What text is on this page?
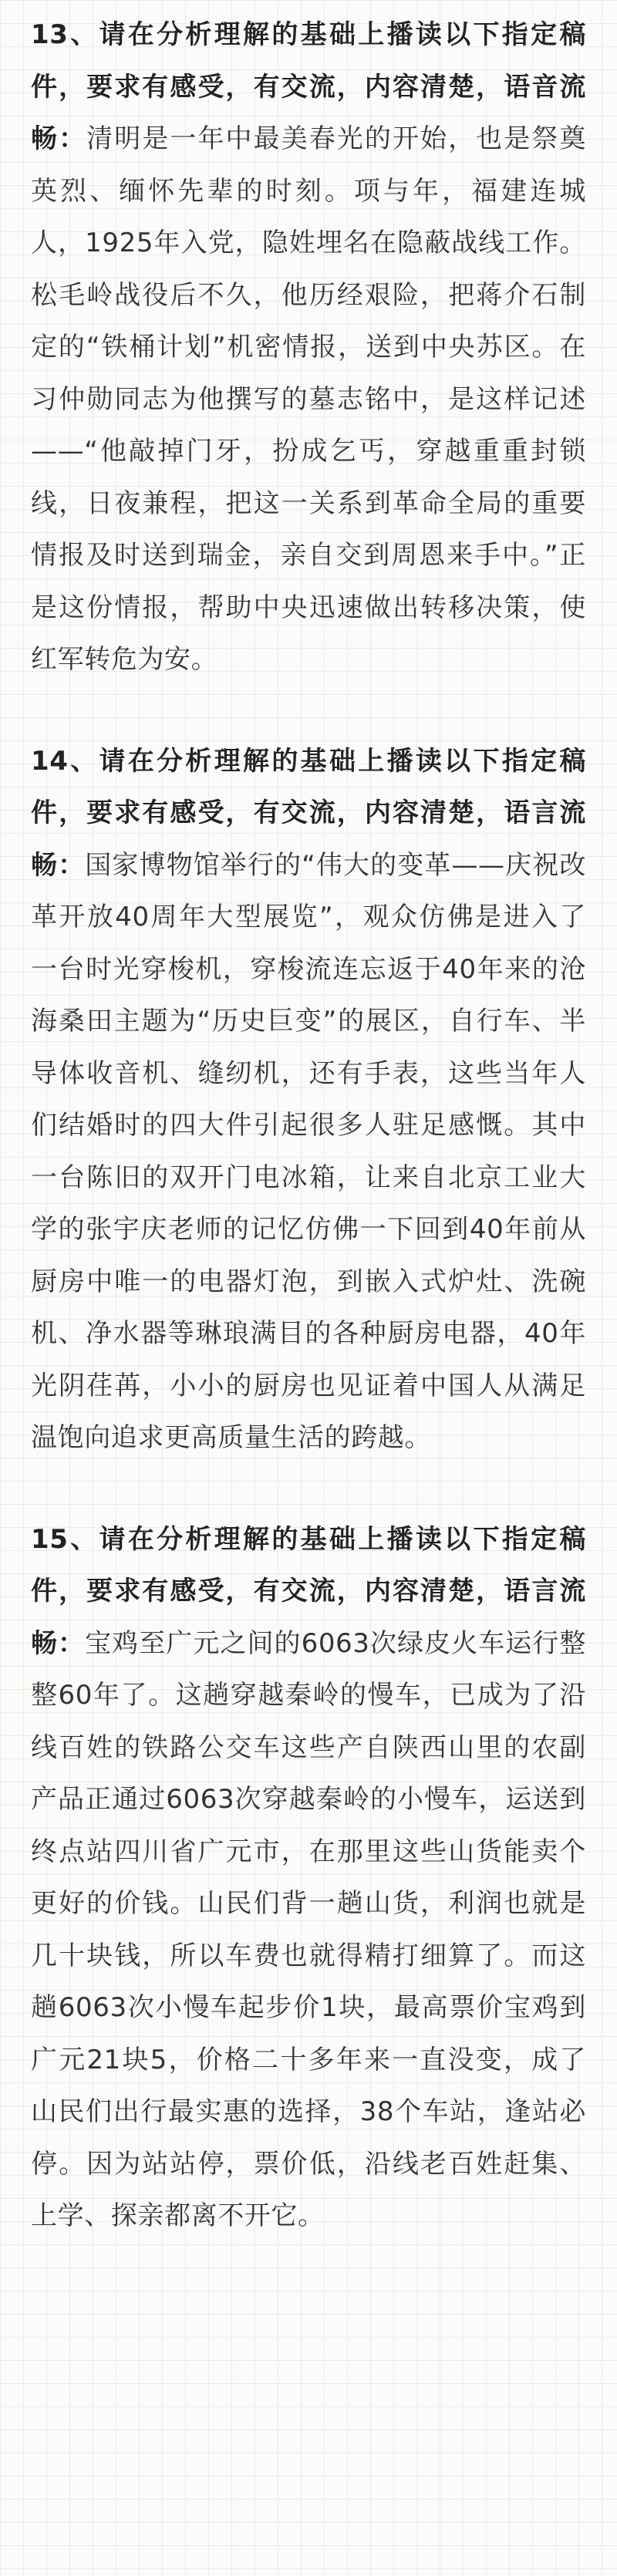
13、请在分析理解的基础上播读以下指定稿件，要求有感受，有交流，内容清楚，语音流畅：清明是一年中最美春光的开始，也是祭奠英烈、缅怀先辈的时刻。项与年，福建连城人，1925年入党，隐姓埋名在隐蔽战线工作。松毛岭战役后不久，他历经艰险，把蒋介石制定的“铁桶计划”机密情报，送到中央苏区。在习仲勋同志为他撰写的墓志铭中，是这样记述——“他敲掉门牙，扮成乞丐，穿越重重封锁线，日夜兼程，把这一关系到革命全局的重要情报及时送到瑞金，亲自交到周恩来手中。”正是这份情报，帮助中央迅速做出转移决策，使红军转危为安。

14、请在分析理解的基础上播读以下指定稿件，要求有感受，有交流，内容清楚，语言流畅：国家博物馆举行的“伟大的变革——庆祝改革开放40周年大型展览”，观众仿佛是进入了一台时光穿梭机，穿梭流连忘返于40年来的沧海桑田主题为“历史巨变”的展区，自行车、半导体收音机、缝纫机，还有手表，这些当年人们结婚时的四大件引起很多人驻足感慨。其中一台陈旧的双开门电冰箱，让来自北京工业大学的张宇庆老师的记忆仿佛一下回到40年前从厨房中唯一的电器灯泡，到嵌入式炉灶、洗碗机、净水器等琳琅满目的各种厨房电器，40年光阴荏苒，小小的厨房也见证着中国人从满足温饱向追求更高质量生活的跨越。

15、请在分析理解的基础上播读以下指定稿件，要求有感受，有交流，内容清楚，语言流畅：宝鸡至广元之间的6063次绿皮火车运行整整60年了。这趟穿越秦岭的慢车，已成为了沿线百姓的铁路公交车这些产自陕西山里的农副产品正通过6063次穿越秦岭的小慢车，运送到终点站四川省广元市，在那里这些山货能卖个更好的价钱。山民们背一趟山货，利润也就是几十块钱，所以车费也就得精打细算了。而这趟6063次小慢车起步价1块，最高票价宝鸡到广元21块5，价格二十多年来一直没变，成了山民们出行最实惠的选择，38个车站，逢站必停。因为站站停，票价低，沿线老百姓赶集、上学、探亲都离不开它。
